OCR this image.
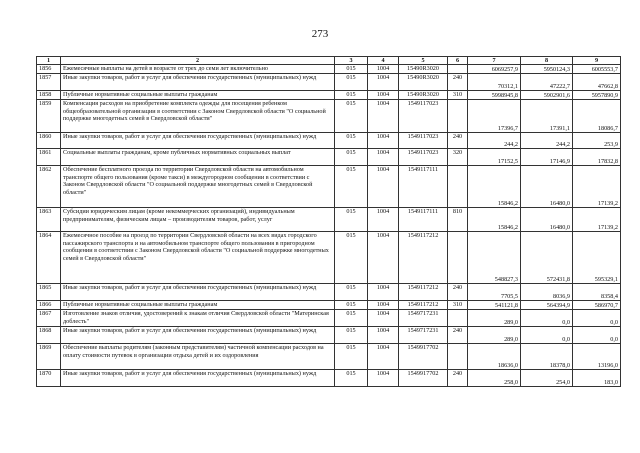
273
1	2	3	4	5	6	7	8	9
1856	Ежемесячные выплаты на детей в возрасте от трех до семи лет включительно	015	1004	15490R3020		6069257,9	5950124,3	6005553,7
1857	Иные закупки товаров, работ и услуг для обеспечения государственных (муниципальных) нужд	015	1004	15490R3020	240	70312,1	47222,7	47662,8
1858	Публичные нормативные социальные выплаты гражданам	015	1004	15490R3020	310	5998945,8	5902901,6	5957890,9
1859	Компенсация расходов на приобретение комплекта одежды для посещения ребенком общеобразовательной организации в соответствии с Законом Свердловской области "О социальной поддержке многодетных семей в Свердловской области"	015	1004	1549117023		17396,7	17391,1	18086,7
1860	Иные закупки товаров, работ и услуг для обеспечения государственных (муниципальных) нужд	015	1004	1549117023	240	244,2	244,2	253,9
1861	Социальные выплаты гражданам, кроме публичных нормативных социальных выплат	015	1004	1549117023	320	17152,5	17146,9	17832,8
1862	Обеспечение бесплатного проезда по территории Свердловской области на автомобильном транспорте общего пользования (кроме такси) в междугородном сообщении в соответствии с Законом Свердловской области "О социальной поддержке многодетных семей в Свердловской области"	015	1004	1549117111		15846,2	16480,0	17139,2
1863	Субсидии юридическим лицам (кроме некоммерческих организаций), индивидуальным предпринимателям, физическим лицам – производителям товаров, работ, услуг	015	1004	1549117111	810	15846,2	16480,0	17139,2
1864	Ежемесячное пособие на проезд по территории Свердловской области на всех видах городского пассажирского транспорта и на автомобильном транспорте общего пользования в пригородном сообщении в соответствии с Законом Свердловской области "О социальной поддержке многодетных семей в Свердловской области"	015	1004	1549117212		548827,3	572431,8	595329,1
1865	Иные закупки товаров, работ и услуг для обеспечения государственных (муниципальных) нужд	015	1004	1549117212	240	7705,5	8036,9	8358,4
1866	Публичные нормативные социальные выплаты гражданам	015	1004	1549117212	310	541121,8	564394,9	586970,7
1867	Изготовление знаков отличия, удостоверений к знакам отличия Свердловской области "Материнская доблесть"	015	1004	1549717231		289,0	0,0	0,0
1868	Иные закупки товаров, работ и услуг для обеспечения государственных (муниципальных) нужд	015	1004	1549717231	240	289,0	0,0	0,0
1869	Обеспечение выплаты родителям (законным представителям) частичной компенсации расходов на оплату стоимости путевок в организации отдыха детей и их оздоровления	015	1004	1549917702		18636,0	18378,0	13196,0
1870	Иные закупки товаров, работ и услуг для обеспечения государственных (муниципальных) нужд	015	1004	1549917702	240	258,0	254,0	183,0
